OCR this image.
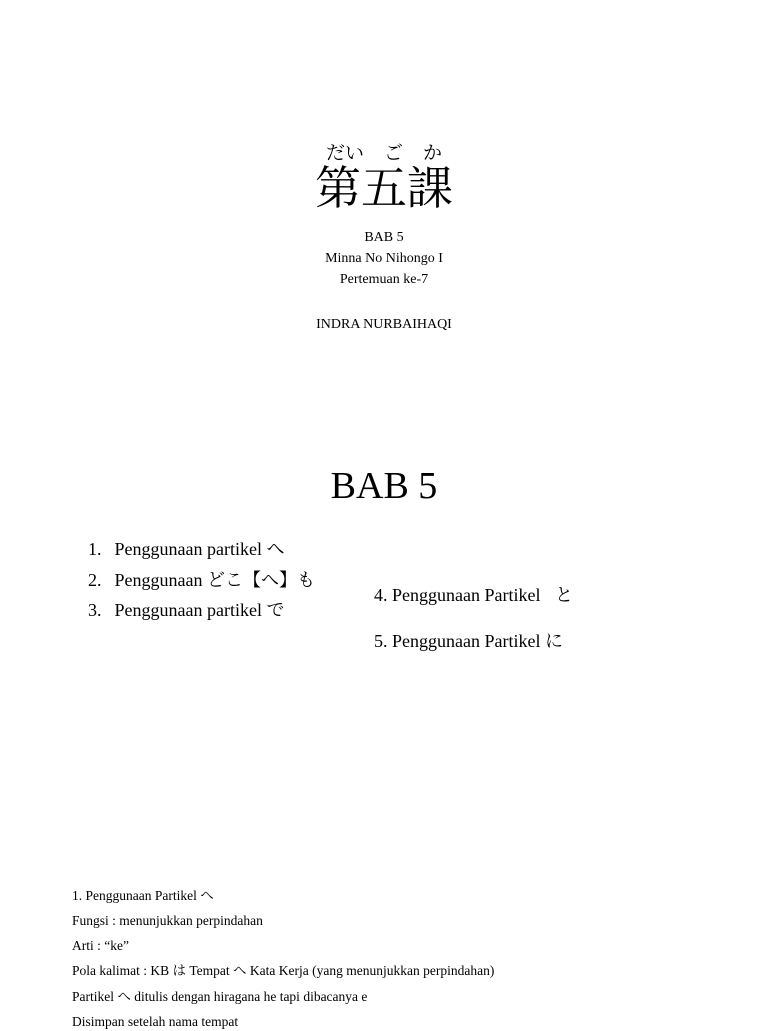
だい ご か
第五課
BAB 5
Minna No Nihongo I
Pertemuan ke-7
INDRA NURBAIHAQI
BAB 5
1. Penggunaan partikel へ
2. Penggunaan どこ【へ】も
3. Penggunaan partikel で
4. Penggunaan Partikel と
5. Penggunaan Partikel に
1. Penggunaan Partikel へ
Fungsi : menunjukkan perpindahan
Arti : “ke”
Pola kalimat : KB は Tempat へ Kata Kerja (yang menunjukkan perpindahan)
Partikel へ ditulis dengan hiragana he tapi dibacanya e
Disimpan setelah nama tempat
